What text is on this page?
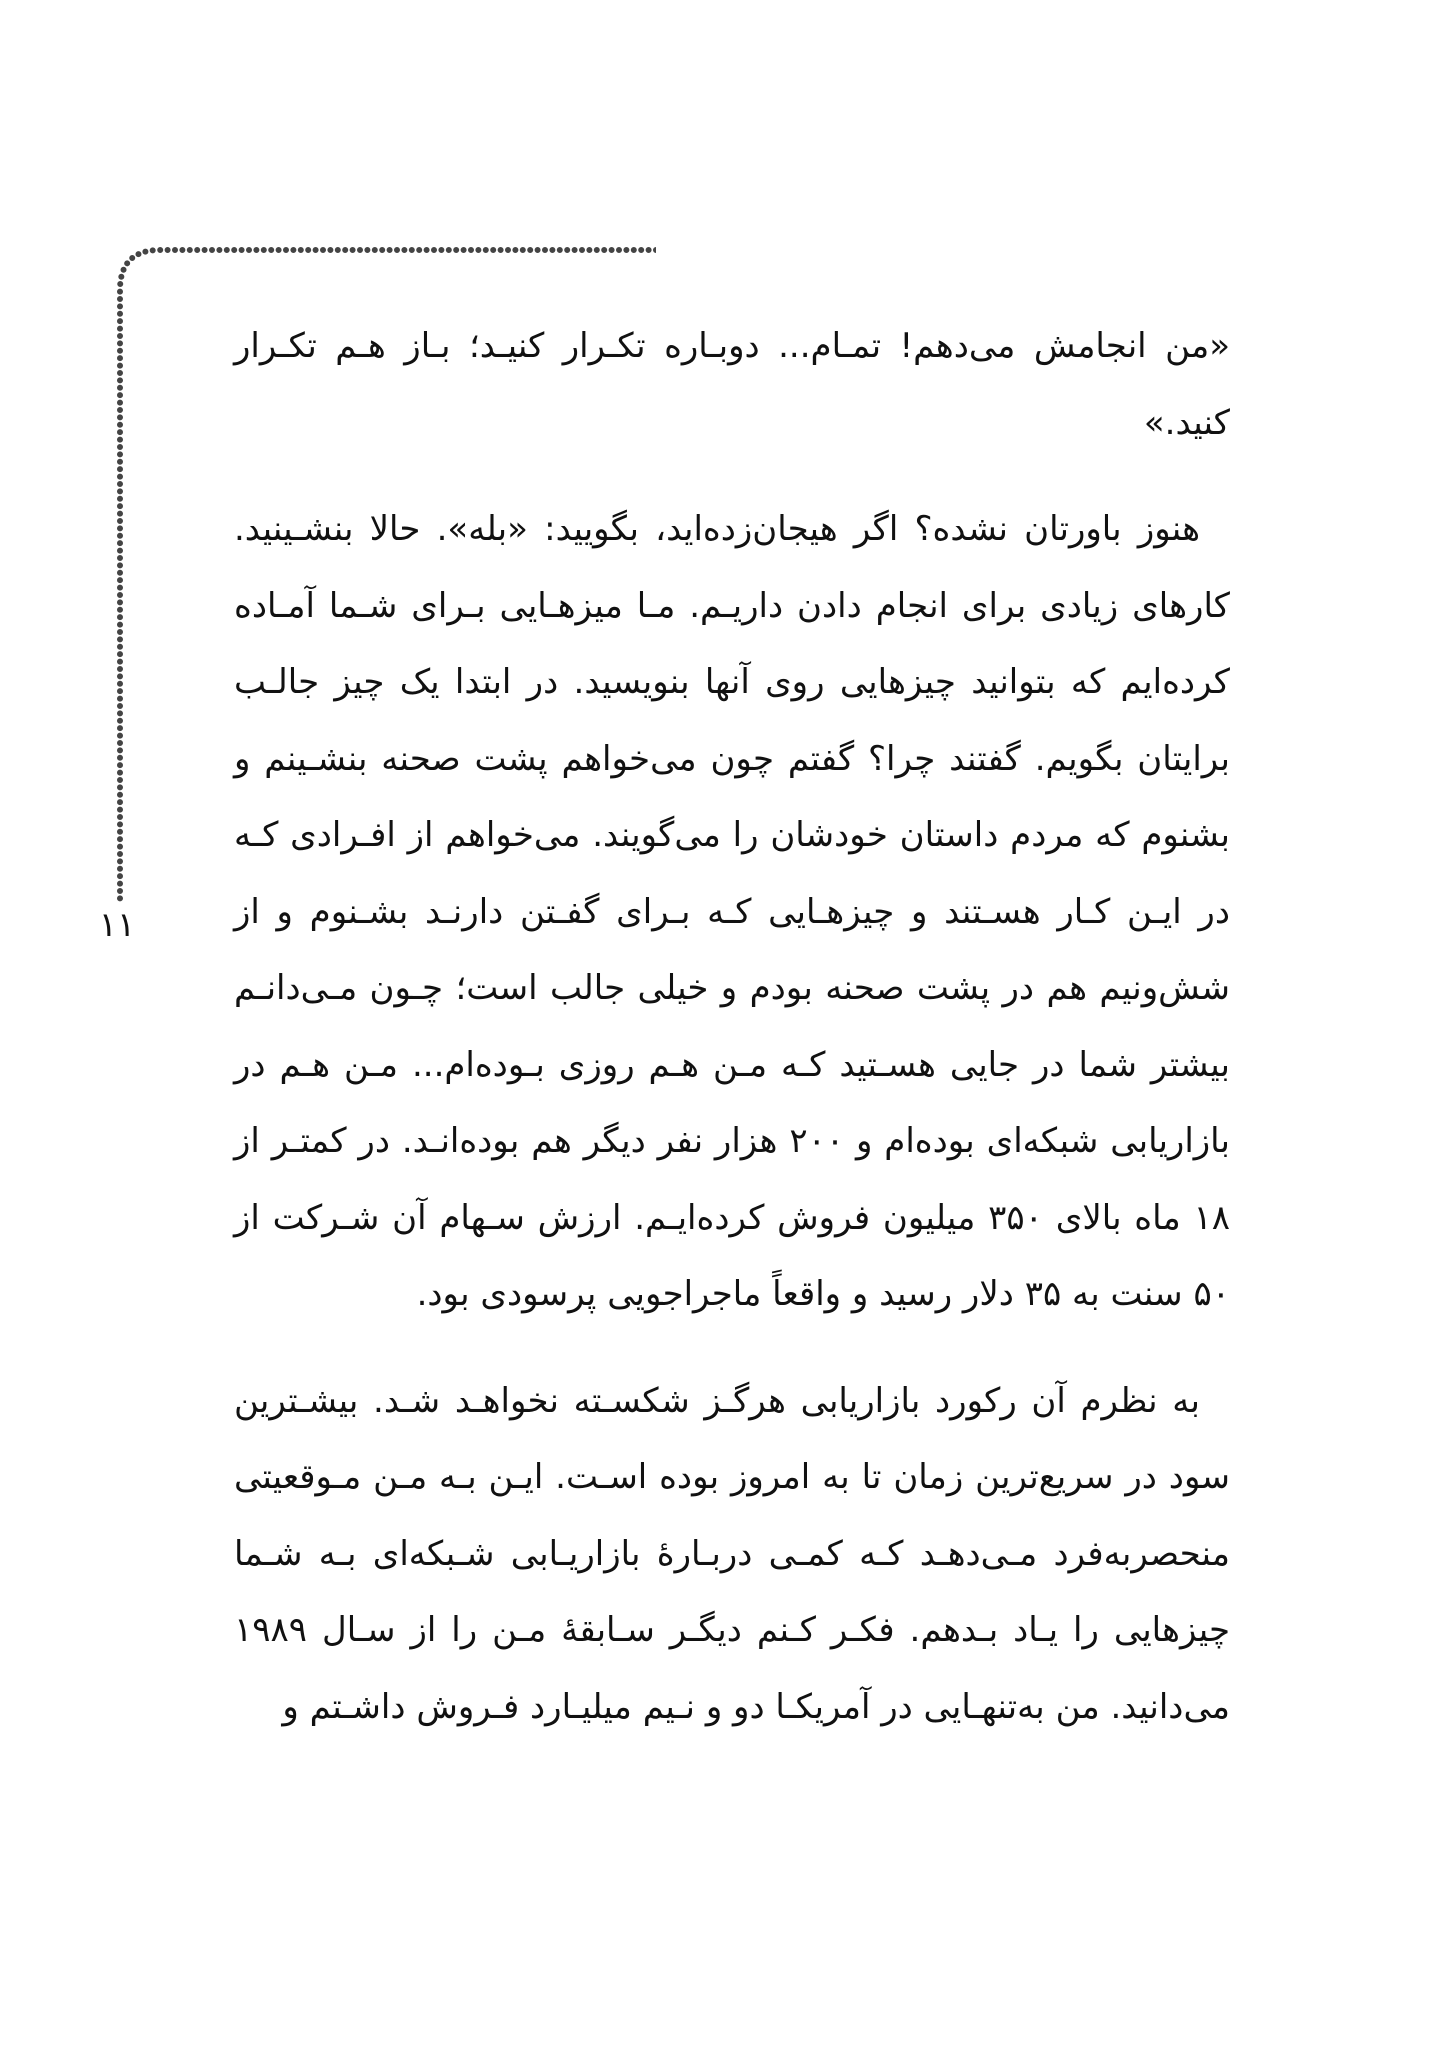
۱۱

«من انجامش می‌دهم! تمـام... دوبـاره تکـرار کنیـد؛ بـاز هـم تکـرار کنید.»

هنوز باورتان نشده؟ اگر هیجان‌زده‌اید، بگویید: «بله». حالا بنشـینید. کارهای زیادی برای انجام دادن داریـم. مـا میزهـایی بـرای شـما آمـاده کرده‌ایم که بتوانید چیزهایی روی آنها بنویسید. در ابتدا یک چیز جالـب برایتان بگویم. گفتند چرا؟ گفتم چون می‌خواهم پشت صحنه بنشـینم و بشنوم که مردم داستان خودشان را می‌گویند. می‌خواهم از افـرادی کـه در ایـن کـار هسـتند و چیزهـایی کـه بـرای گفـتن دارنـد بشـنوم و از شش‌ونیم هم در پشت صحنه بودم و خیلی جالب است؛ چـون مـی‌دانـم بیشتر شما در جایی هسـتید کـه مـن هـم روزی بـوده‌ام... مـن هـم در بازاریابی شبکه‌ای بوده‌ام و ۲۰۰ هزار نفر دیگر هم بوده‌انـد. در کمتـر از ۱۸ ماه بالای ۳۵۰ میلیون فروش کرده‌ایـم. ارزش سـهام آن شـرکت از ۵۰ سنت به ۳۵ دلار رسید و واقعاً ماجراجویی پرسودی بود.

به نظرم آن رکورد بازاریابی هرگـز شکسـته نخواهـد شـد. بیشـترین سود در سریع‌ترین زمان تا به امروز بوده اسـت. ایـن بـه مـن مـوقعیتی منحصربه‌فرد مـی‌دهـد کـه کمـی دربـارهٔ بازاریـابی شـبکه‌ای بـه شـما چیزهایی را یـاد بـدهم. فکـر کـنم دیگـر سـابقهٔ مـن را از سـال ۱۹۸۹ می‌دانید. من به‌تنهـایی در آمریکـا دو و نـیم میلیـارد فـروش داشـتم و
